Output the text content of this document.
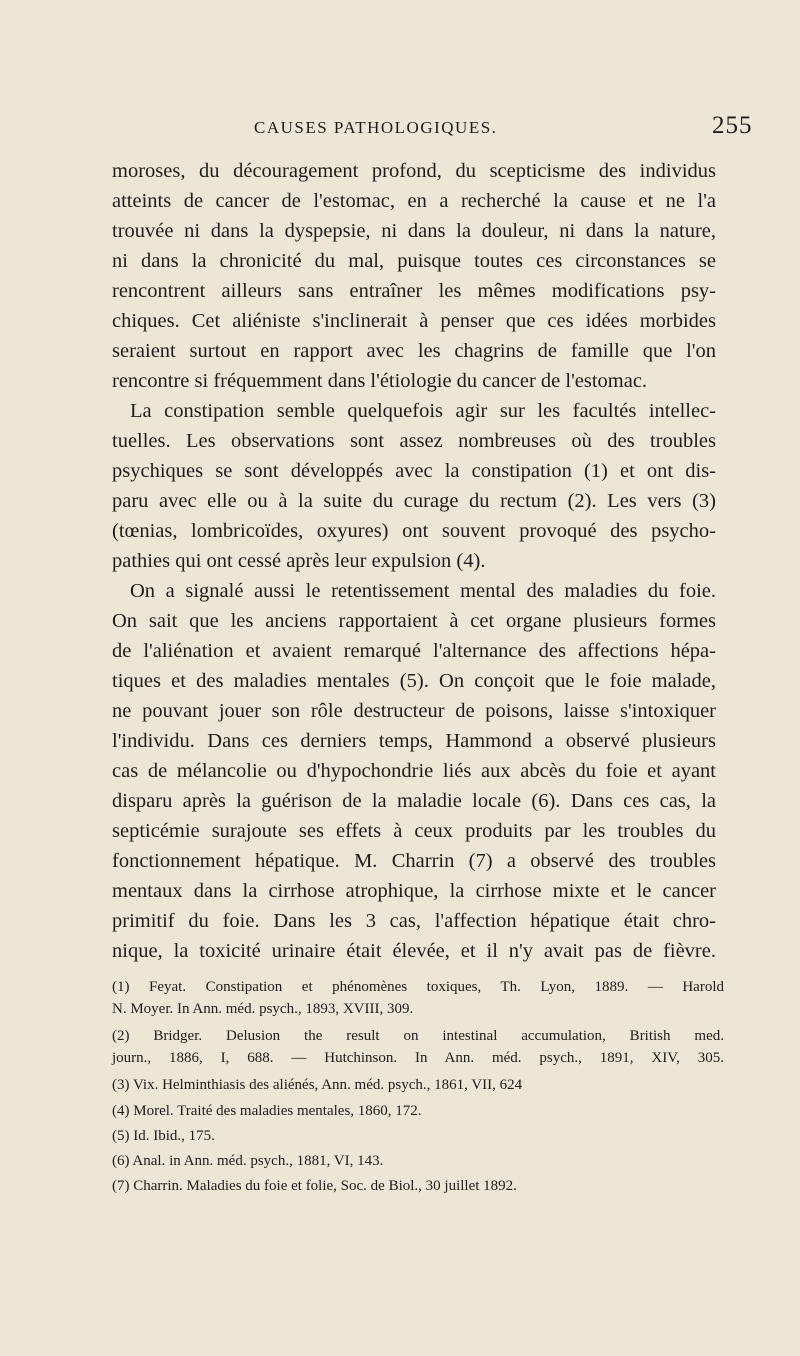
CAUSES PATHOLOGIQUES.	255
moroses, du découragement profond, du scepticisme des individus
atteints de cancer de l'estomac, en a recherché la cause et ne l'a
trouvée ni dans la dyspepsie, ni dans la douleur, ni dans la nature,
ni dans la chronicité du mal, puisque toutes ces circonstances se
rencontrent ailleurs sans entraîner les mêmes modifications psy-
chiques. Cet aliéniste s'inclinerait à penser que ces idées morbides
seraient surtout en rapport avec les chagrins de famille que l'on
rencontre si fréquemment dans l'étiologie du cancer de l'estomac.
La constipation semble quelquefois agir sur les facultés intellec-
tuelles. Les observations sont assez nombreuses où des troubles
psychiques se sont développés avec la constipation (1) et ont dis-
paru avec elle ou à la suite du curage du rectum (2). Les vers (3)
(tœnias, lombricoïdes, oxyures) ont souvent provoqué des psycho-
pathies qui ont cessé après leur expulsion (4).
On a signalé aussi le retentissement mental des maladies du foie.
On sait que les anciens rapportaient à cet organe plusieurs formes
de l'aliénation et avaient remarqué l'alternance des affections hépa-
tiques et des maladies mentales (5). On conçoit que le foie malade,
ne pouvant jouer son rôle destructeur de poisons, laisse s'intoxiquer
l'individu. Dans ces derniers temps, Hammond a observé plusieurs
cas de mélancolie ou d'hypochondrie liés aux abcès du foie et ayant
disparu après la guérison de la maladie locale (6). Dans ces cas, la
septicémie surajoute ses effets à ceux produits par les troubles du
fonctionnement hépatique. M. Charrin (7) a observé des troubles
mentaux dans la cirrhose atrophique, la cirrhose mixte et le cancer
primitif du foie. Dans les 3 cas, l'affection hépatique était chro-
nique, la toxicité urinaire était élevée, et il n'y avait pas de fièvre.
(1) Feyat. Constipation et phénomènes toxiques, Th. Lyon, 1889. — Harold
N. Moyer. In Ann. méd. psych., 1893, XVIII, 309.
(2) Bridger. Delusion the result on intestinal accumulation, British med.
journ., 1886, I, 688. — Hutchinson. In Ann. méd. psych., 1891, XIV, 305.
(3) Vix. Helminthiasis des aliénés, Ann. méd. psych., 1861, VII, 624
(4) Morel. Traité des maladies mentales, 1860, 172.
(5) Id. Ibid., 175.
(6) Anal. in Ann. méd. psych., 1881, VI, 143.
(7) Charrin. Maladies du foie et folie, Soc. de Biol., 30 juillet 1892.
